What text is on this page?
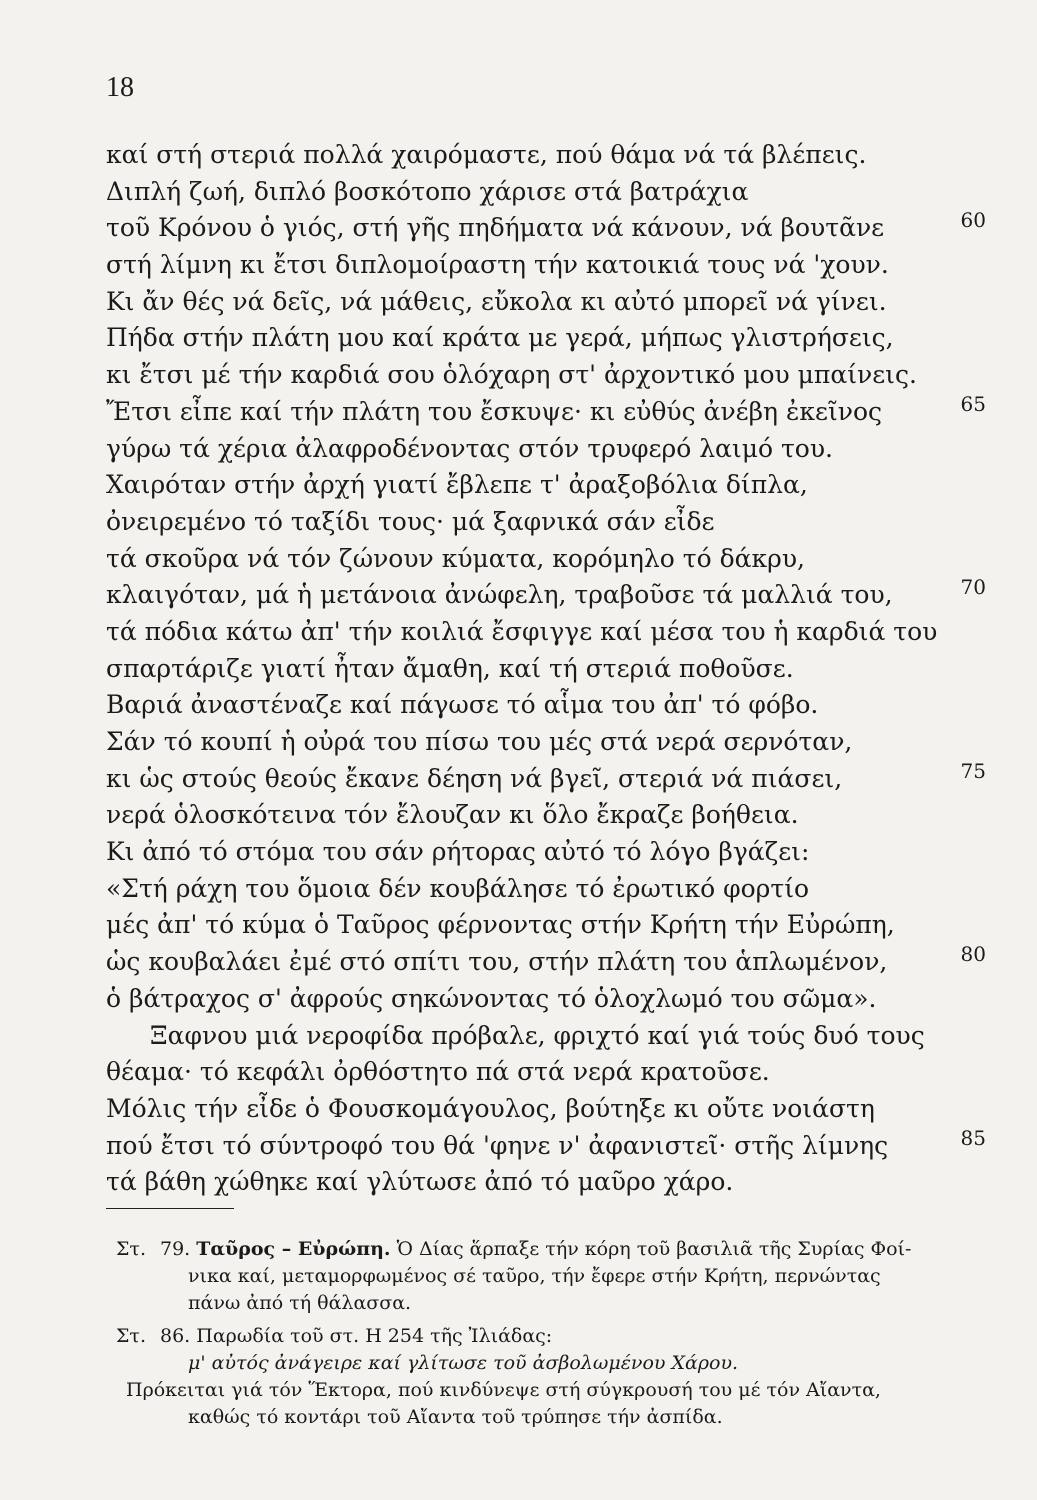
18
καί στή στεριά πολλά χαιρόμαστε, πού θάμα νά τά βλέπεις.
Διπλή ζωή, διπλό βοσκότοπο χάρισε στά βατράχια
τοῦ Κρόνου ὁ γιός, στή γῆς πηδήματα νά κάνουν, νά βουτᾶνε	60
στή λίμνη κι ἔτσι διπλομοίραστη τήν κατοικιά τους νά 'χουν.
Κι ἄν θές νά δεῖς, νά μάθεις, εὔκολα κι αὐτό μπορεῖ νά γίνει.
Πήδα στήν πλάτη μου καί κράτα με γερά, μήπως γλιστρήσεις,
κι ἔτσι μέ τήν καρδιά σου ὁλόχαρη στ' ἀρχοντικό μου μπαίνεις.
Ἔτσι εἶπε καί τήν πλάτη του ἔσκυψε· κι εὐθύς ἀνέβη ἐκεῖνος	65
γύρω τά χέρια ἀλαφροδένοντας στόν τρυφερό λαιμό του.
Χαιρόταν στήν ἀρχή γιατί ἔβλεπε τ' ἀραξοβόλια δίπλα,
ὀνειρεμένο τό ταξίδι τους· μά ξαφνικά σάν εἶδε
τά σκοῦρα νά τόν ζώνουν κύματα, κορόμηλο τό δάκρυ,
κλαιγόταν, μά ἡ μετάνοια ἀνώφελη, τραβοῦσε τά μαλλιά του,	70
τά πόδια κάτω ἀπ' τήν κοιλιά ἔσφιγγε καί μέσα του ἡ καρδιά του
σπαρτάριζε γιατί ἦταν ἄμαθη, καί τή στεριά ποθοῦσε.
Βαριά ἀναστέναζε καί πάγωσε τό αἷμα του ἀπ' τό φόβο.
Σάν τό κουπί ἡ οὐρά του πίσω του μές στά νερά σερνόταν,
κι ὡς στούς θεούς ἔκανε δέηση νά βγεῖ, στεριά νά πιάσει,	75
νερά ὁλοσκότεινα τόν ἔλουζαν κι ὅλο ἔκραζε βοήθεια.
Κι ἀπό τό στόμα του σάν ρήτορας αὐτό τό λόγο βγάζει:
«Στή ράχη του ὅμοια δέν κουβάλησε τό ἐρωτικό φορτίο
μές ἀπ' τό κύμα ὁ Ταῦρος φέρνοντας στήν Κρήτη τήν Εὐρώπη,
ὡς κουβαλάει ἐμέ στό σπίτι του, στήν πλάτη του ἁπλωμένον,	80
ὁ βάτραχος σ' ἀφρούς σηκώνοντας τό ὁλοχλωμό του σῶμα».
Ξαφνου μιά νεροφίδα πρόβαλε, φριχτό καί γιά τούς δυό τους
θέαμα· τό κεφάλι ὀρθόστητο πά στά νερά κρατοῦσε.
Μόλις τήν εἶδε ὁ Φουσκομάγουλος, βούτηξε κι οὔτε νοιάστη
πού ἔτσι τό σύντροφό του θά 'φηνε ν' ἀφανιστεῖ· στῆς λίμνης	85
τά βάθη χώθηκε καί γλύτωσε ἀπό τό μαῦρο χάρο.
Στ. 79. Ταῦρος – Εὐρώπη. Ὁ Δίας ἅρπαξε τήν κόρη τοῦ βασιλιᾶ τῆς Συρίας Φοί-
νικα καί, μεταμορφωμένος σέ ταῦρο, τήν ἔφερε στήν Κρήτη, περνώντας
πάνω ἀπό τή θάλασσα.
Στ. 86. Παρωδία τοῦ στ. Η 254 τῆς Ἰλιάδας:
μ' αὐτός ἀνάγειρε καί γλίτωσε τοῦ ἀσβολωμένου Χάρου.
Πρόκειται γιά τόν Ἕκτορα, πού κινδύνεψε στή σύγκρουσή του μέ τόν Αἴαντα,
καθώς τό κοντάρι τοῦ Αἴαντα τοῦ τρύπησε τήν ἀσπίδα.
